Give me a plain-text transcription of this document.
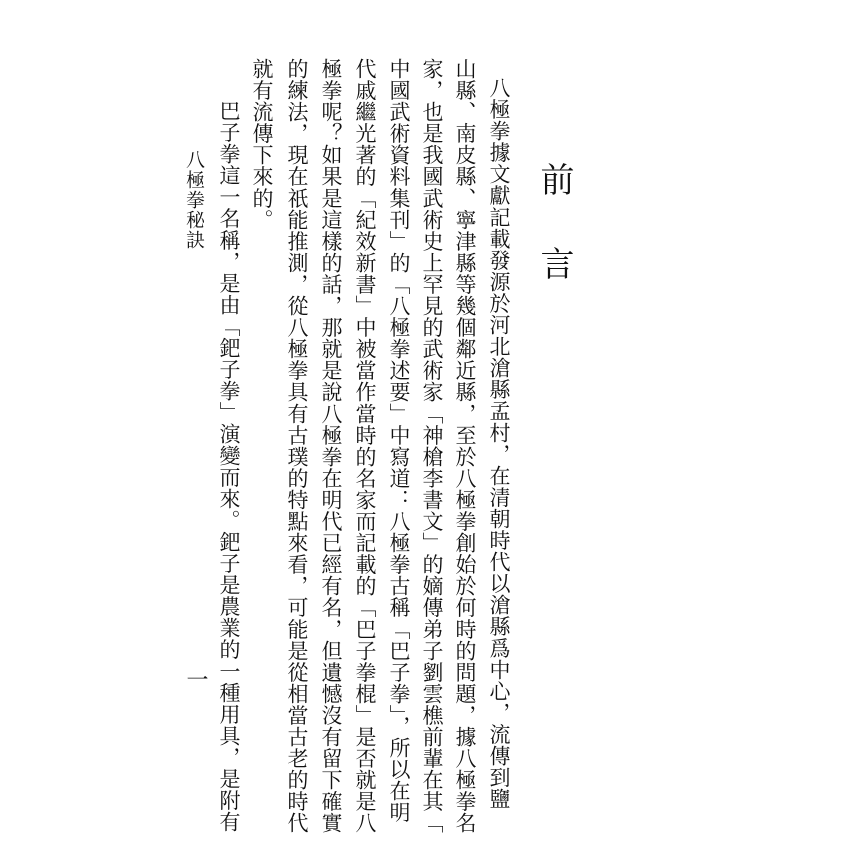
前言
八極拳據文獻記載發源於河北滄縣孟村，在清朝時代以滄縣爲中心，流傳到鹽
山縣、南皮縣、寧津縣等幾個鄰近縣，至於八極拳創始於何時的問題，據八極拳名
家，也是我國武術史上罕見的武術家「神槍李書文」的嫡傳弟子劉雲樵前輩在其「
中國武術資料集刊」的「八極拳述要」中寫道：八極拳古稱「巴子拳」，所以在明
代戚繼光著的「紀效新書」中被當作當時的名家而記載的「巴子拳棍」是否就是八
極拳呢？如果是這樣的話，那就是說八極拳在明代已經有名，但遺憾沒有留下確實
的練法，現在祇能推測，從八極拳具有古璞的特點來看，可能是從相當古老的時代
就有流傳下來的。
巴子拳這一名稱，是由「鈀子拳」演變而來。鈀子是農業的一種用具，是附有
八極拳秘訣
一
